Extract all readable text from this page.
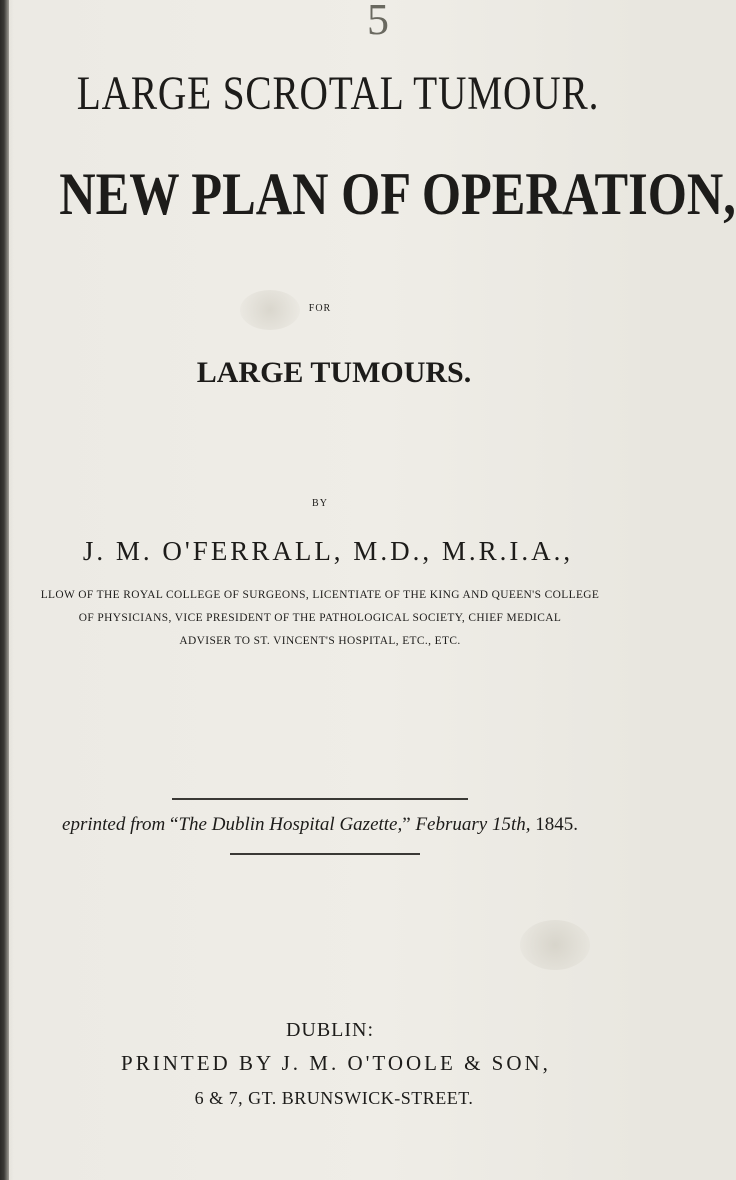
5
LARGE SCROTAL TUMOUR.
NEW PLAN OF OPERATION,
FOR
LARGE TUMOURS.
BY
J. M. O'FERRALL, M.D., M.R.I.A.,
LLOW OF THE ROYAL COLLEGE OF SURGEONS, LICENTIATE OF THE KING AND QUEEN'S COLLEGE
OF PHYSICIANS, VICE PRESIDENT OF THE PATHOLOGICAL SOCIETY, CHIEF MEDICAL
ADVISER TO ST. VINCENT'S HOSPITAL, ETC., ETC.
eprinted from “The Dublin Hospital Gazette,” February 15th, 1845.
DUBLIN:
PRINTED BY J. M. O'TOOLE & SON,
6 & 7, GT. BRUNSWICK-STREET.
